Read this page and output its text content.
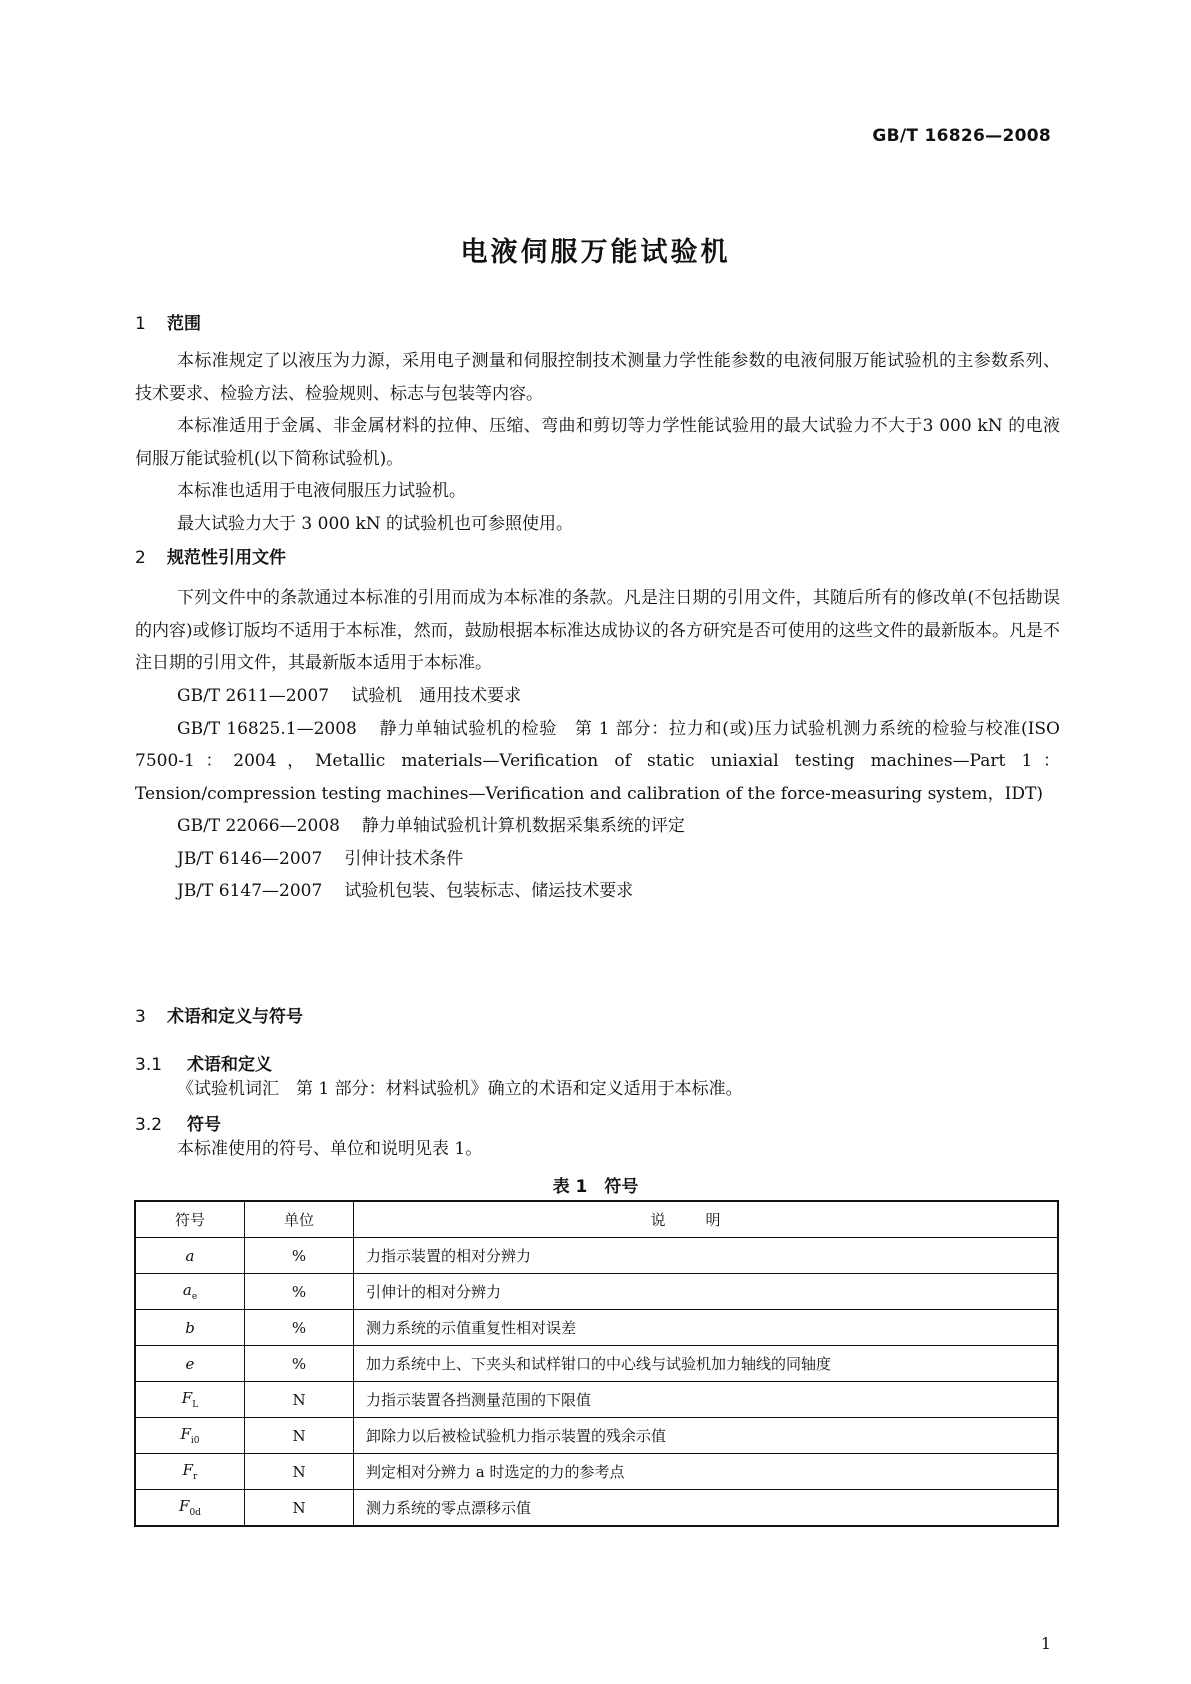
GB/T 16826—2008
电液伺服万能试验机
1 范围

本标准规定了以液压为力源，采用电子测量和伺服控制技术测量力学性能参数的电液伺服万能试验机的主参数系列、技术要求、检验方法、检验规则、标志与包装等内容。

本标准适用于金属、非金属材料的拉伸、压缩、弯曲和剪切等力学性能试验用的最大试验力不大于3 000 kN 的电液伺服万能试验机(以下简称试验机)。

本标准也适用于电液伺服压力试验机。

最大试验力大于 3 000 kN 的试验机也可参照使用。

2 规范性引用文件

下列文件中的条款通过本标准的引用而成为本标准的条款。凡是注日期的引用文件，其随后所有的修改单(不包括勘误的内容)或修订版均不适用于本标准，然而，鼓励根据本标准达成协议的各方研究是否可使用的这些文件的最新版本。凡是不注日期的引用文件，其最新版本适用于本标准。

GB/T 2611—2007 试验机　通用技术要求

GB/T 16825.1—2008 静力单轴试验机的检验　第 1 部分：拉力和(或)压力试验机测力系统的检验与校准(ISO 7500-1：2004，Metallic materials—Verification of static uniaxial testing machines—Part 1：Tension/compression testing machines—Verification and calibration of the force-measuring system，IDT)

GB/T 22066—2008 静力单轴试验机计算机数据采集系统的评定

JB/T 6146—2007 引伸计技术条件

JB/T 6147—2007 试验机包装、包装标志、储运技术要求

3 术语和定义与符号
3.1 术语和定义

《试验机词汇　第 1 部分：材料试验机》确立的术语和定义适用于本标准。

3.2 符号

本标准使用的符号、单位和说明见表 1。

表 1　符号
符号	单位	说明
a	%	力指示装置的相对分辨力
$a_e$	%	引伸计的相对分辨力
b	%	测力系统的示值重复性相对误差
e	%	加力系统中上、下夹头和试样钳口的中心线与试验机加力轴线的同轴度
$F_L$	N	力指示装置各挡测量范围的下限值
$F_{i0}$	N	卸除力以后被检试验机力指示装置的残余示值
$F_r$	N	判定相对分辨力 a 时选定的力的参考点
$F_{0d}$	N	测力系统的零点漂移示值
1
